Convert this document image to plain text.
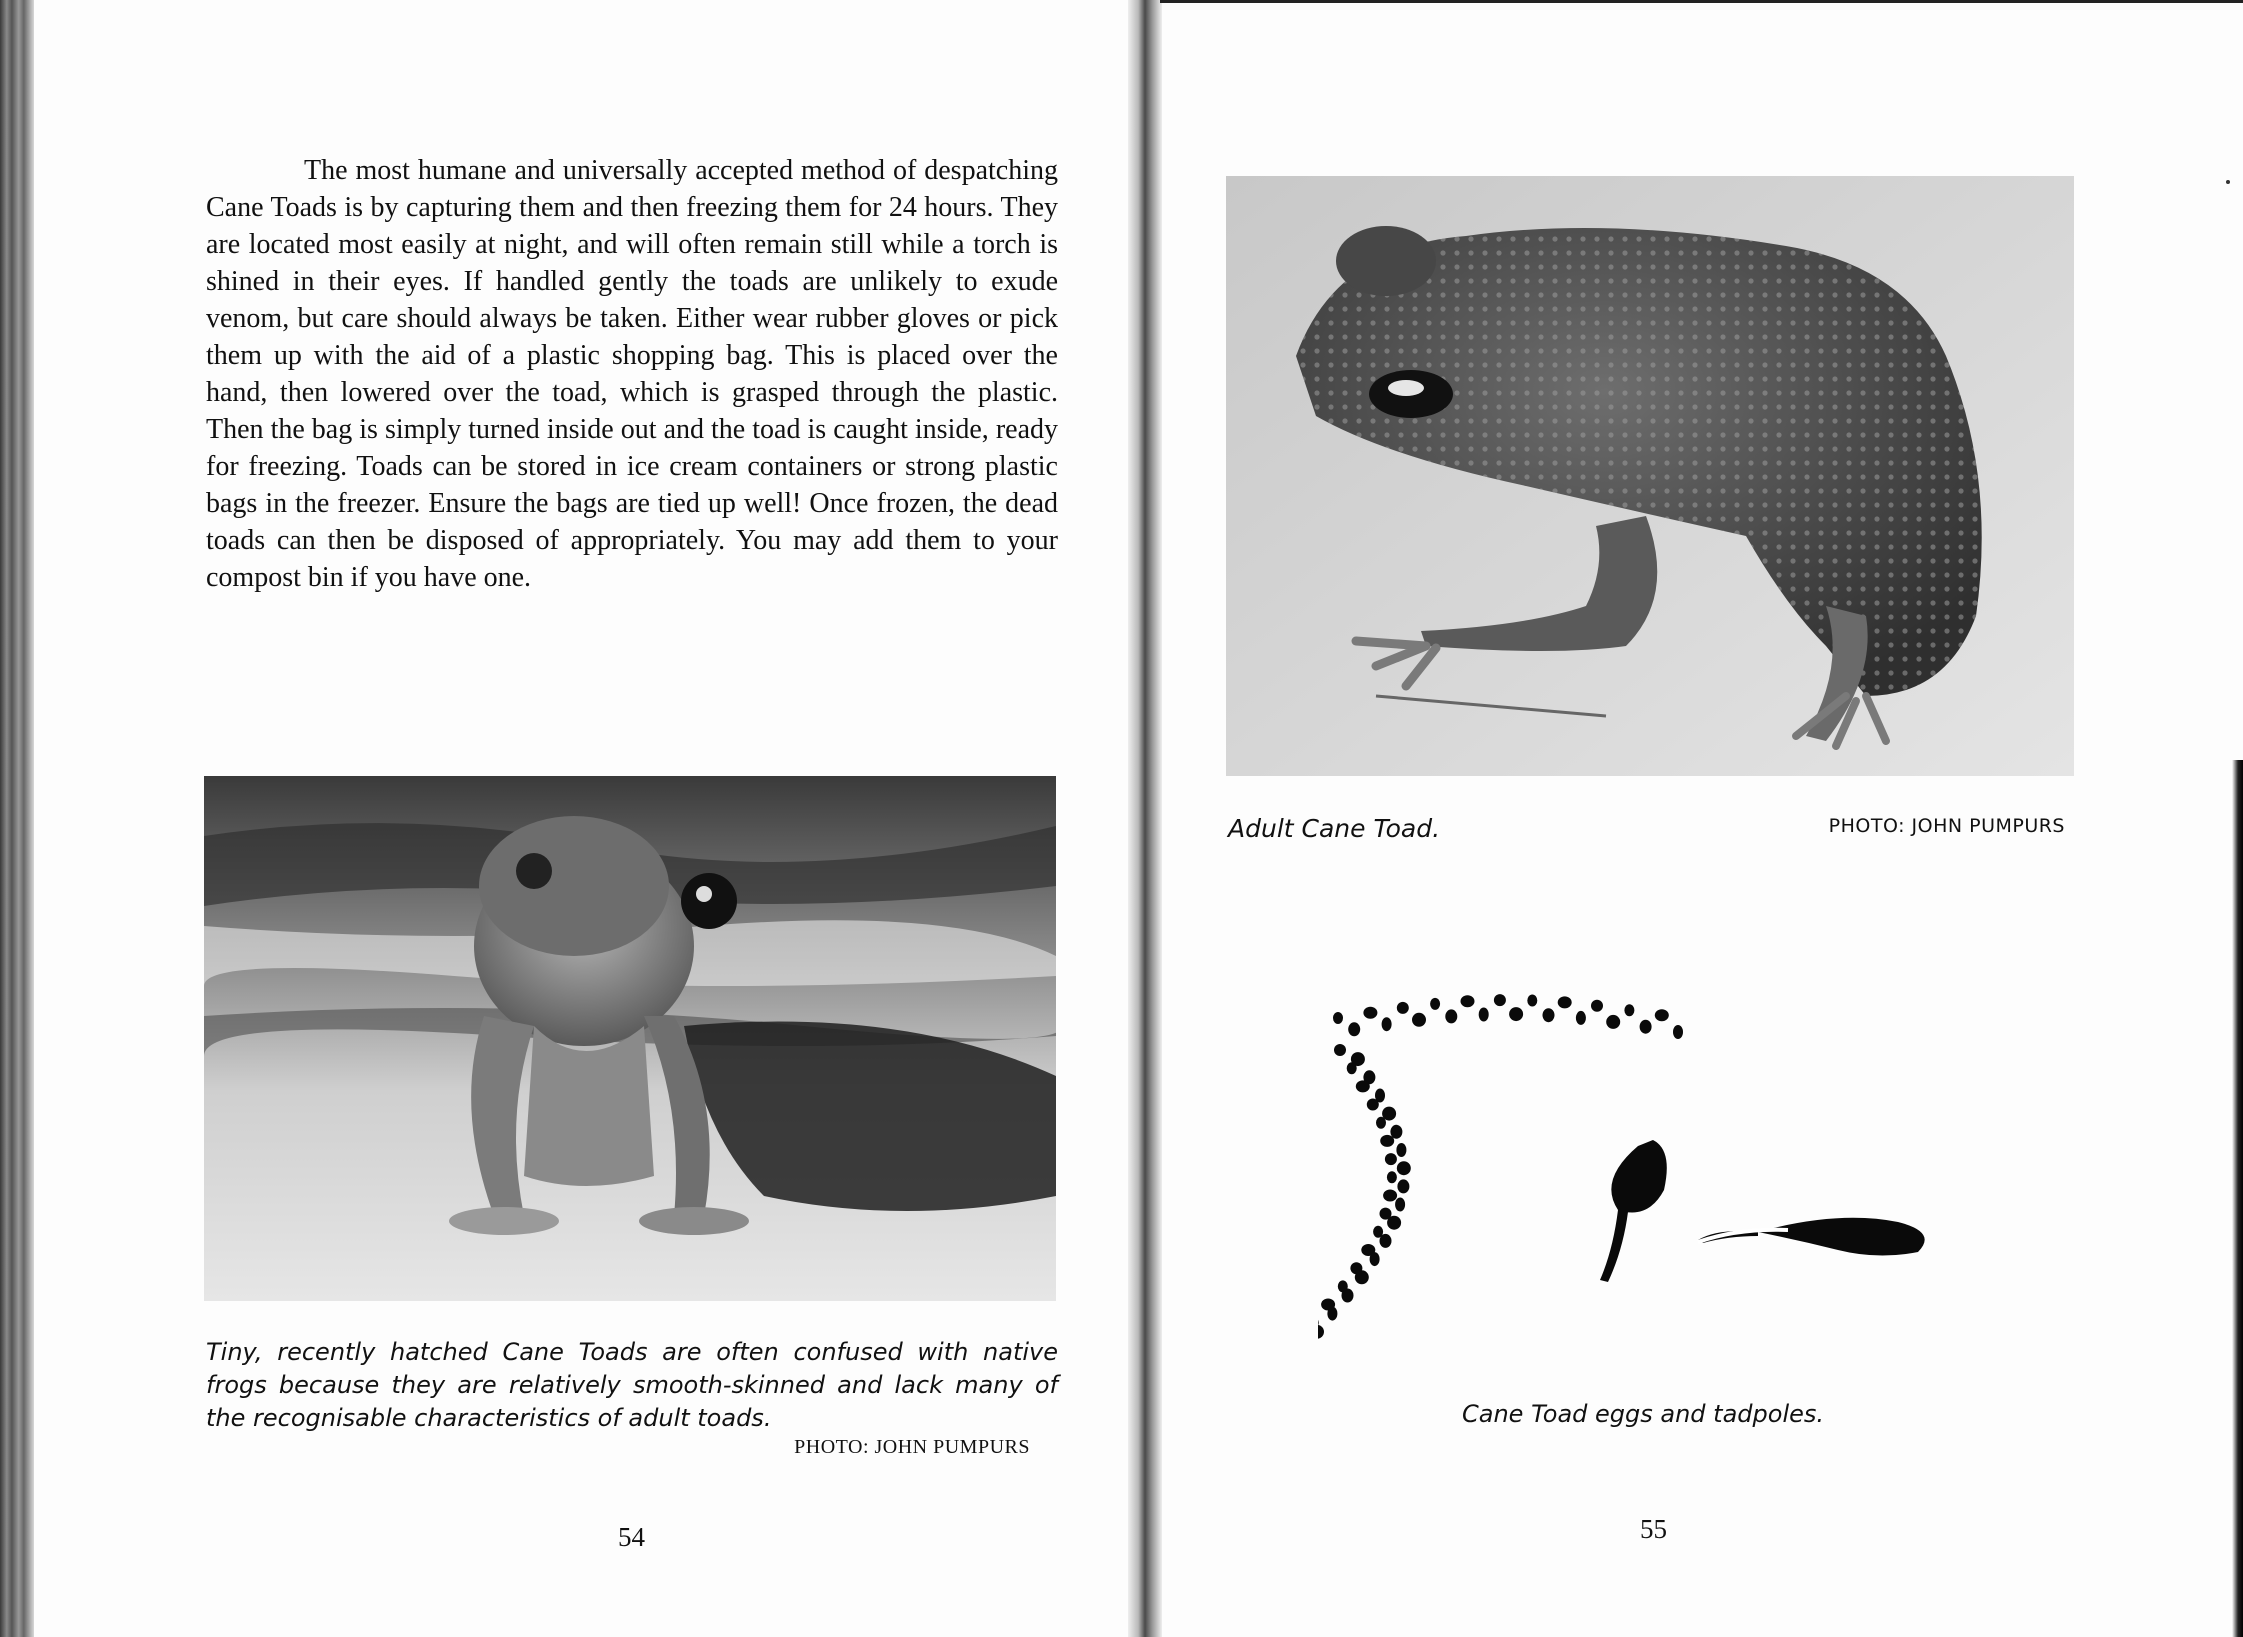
The most humane and universally accepted method of despatching Cane Toads is by capturing them and then freezing them for 24 hours. They are located most easily at night, and will often remain still while a torch is shined in their eyes. If handled gently the toads are unlikely to exude venom, but care should always be taken. Either wear rubber gloves or pick them up with the aid of a plastic shopping bag. This is placed over the hand, then lowered over the toad, which is grasped through the plastic. Then the bag is simply turned inside out and the toad is caught inside, ready for freezing. Toads can be stored in ice cream containers or strong plastic bags in the freezer. Ensure the bags are tied up well! Once frozen, the dead toads can then be disposed of appropriately. You may add them to your compost bin if you have one.

Tiny, recently hatched Cane Toads are often confused with native frogs because they are relatively smooth-skinned and lack many of the recognisable characteristics of adult toads.

PHOTO: JOHN PUMPURS
54
Adult Cane Toad.	PHOTO: JOHN PUMPURS
Cane Toad eggs and tadpoles.
55
